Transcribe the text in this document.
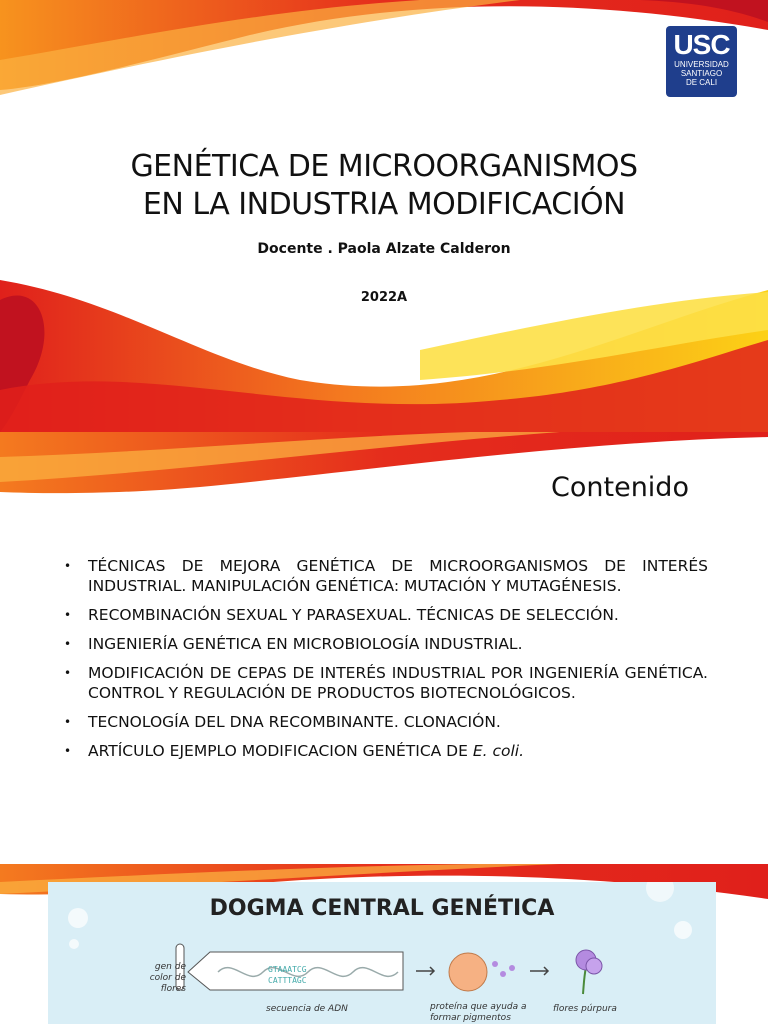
USC
UNIVERSIDAD
SANTIAGO
DE CALI
GENÉTICA DE MICROORGANISMOS
EN LA INDUSTRIA MODIFICACIÓN
Docente . Paola Alzate Calderon
2022A
Contenido
• TÉCNICAS DE MEJORA GENÉTICA DE MICROORGANISMOS DE INTERÉS INDUSTRIAL. MANIPULACIÓN GENÉTICA: MUTACIÓN Y MUTAGÉNESIS.
• RECOMBINACIÓN SEXUAL Y PARASEXUAL. TÉCNICAS DE SELECCIÓN.
• INGENIERÍA GENÉTICA EN MICROBIOLOGÍA INDUSTRIAL.
• MODIFICACIÓN DE CEPAS DE INTERÉS INDUSTRIAL POR INGENIERÍA GENÉTICA. CONTROL Y REGULACIÓN DE PRODUCTOS BIOTECNOLÓGICOS.
• TECNOLOGÍA DEL DNA RECOMBINANTE. CLONACIÓN.
• ARTÍCULO EJEMPLO MODIFICACION GENÉTICA DE E. coli.
DOGMA CENTRAL GENÉTICA
gen de color de flores
GTAAATCG CATTTAGC
secuencia de ADN	proteína que ayuda a formar pigmentos
flores púrpura
